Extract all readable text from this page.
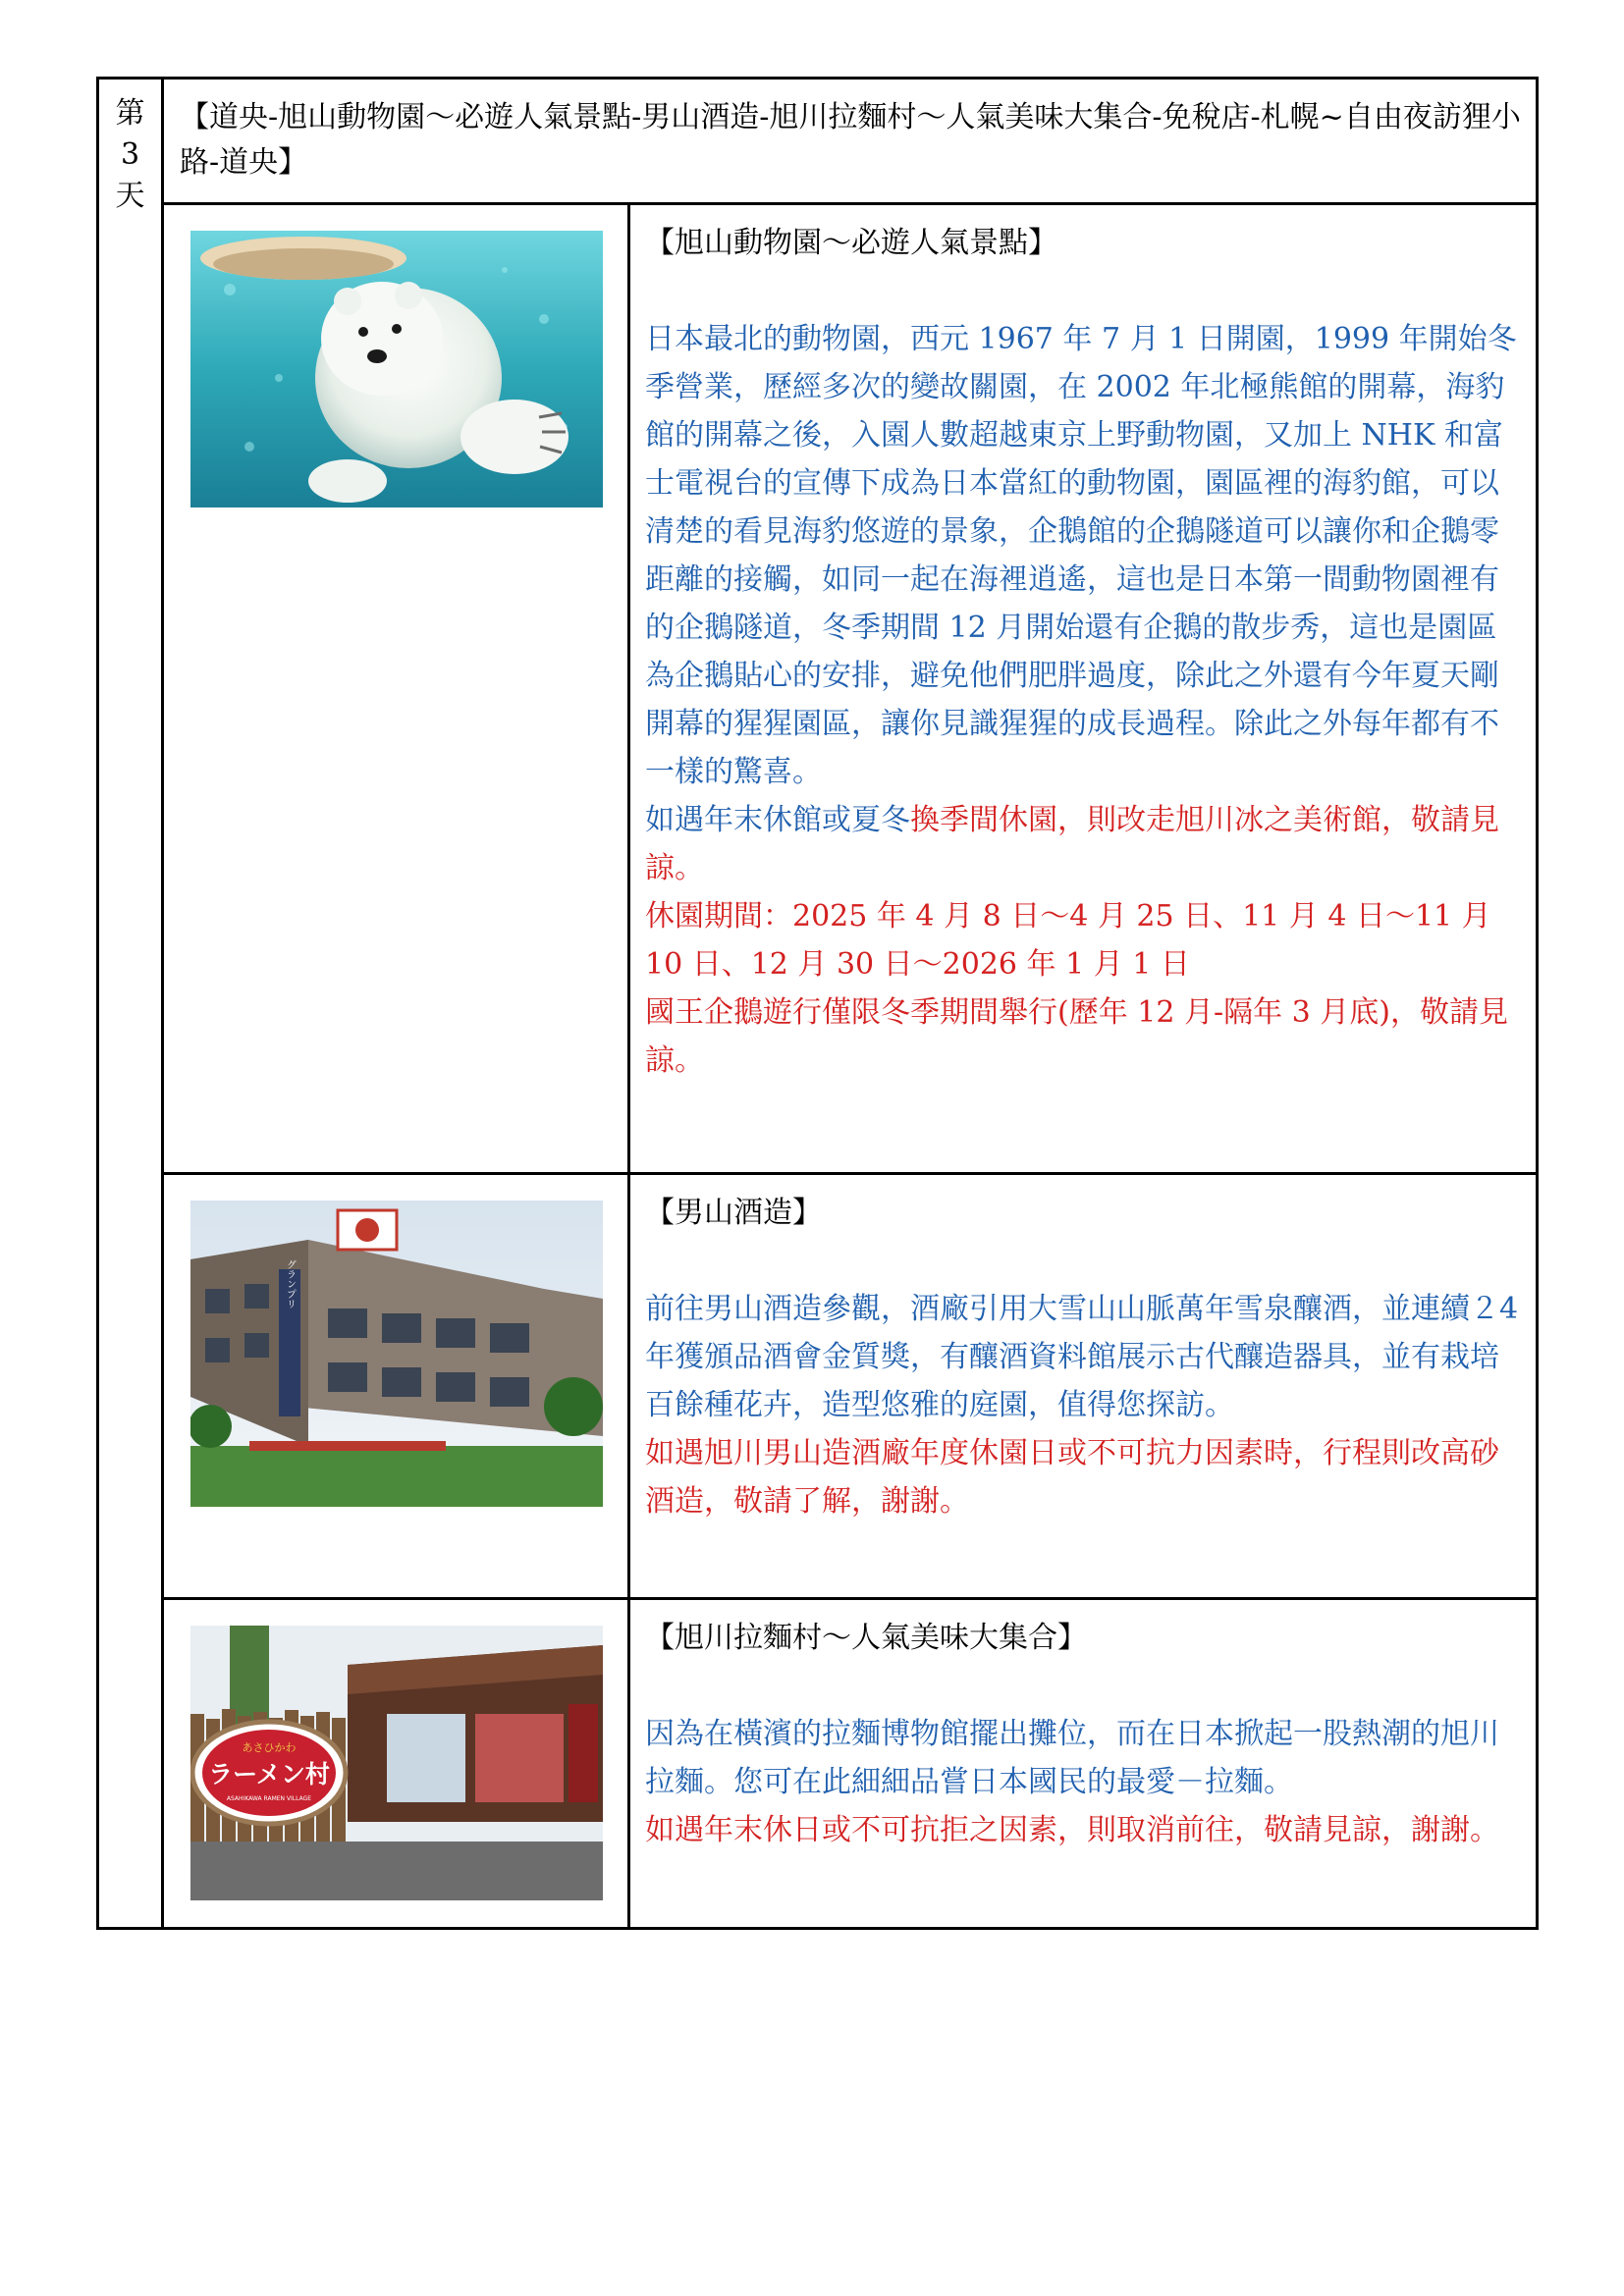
第
3
天
【道央-旭山動物園～必遊人氣景點-男山酒造-旭川拉麵村～人氣美味大集合-免稅店-札幌~自由夜訪狸小路-道央】

【旭山動物園～必遊人氣景點】

日本最北的動物園，西元 1967 年 7 月 1 日開園，1999 年開始冬季營業，歷經多次的變故關園，在 2002 年北極熊館的開幕，海豹館的開幕之後，入園人數超越東京上野動物園，又加上 NHK 和富士電視台的宣傳下成為日本當紅的動物園，園區裡的海豹館，可以清楚的看見海豹悠遊的景象，企鵝館的企鵝隧道可以讓你和企鵝零距離的接觸，如同一起在海裡逍遙，這也是日本第一間動物園裡有的企鵝隧道，冬季期間 12 月開始還有企鵝的散步秀，這也是園區為企鵝貼心的安排，避免他們肥胖過度，除此之外還有今年夏天剛開幕的猩猩園區，讓你見識猩猩的成長過程。除此之外每年都有不一樣的驚喜。

如遇年末休館或夏冬換季間休園，則改走旭川冰之美術館，敬請見諒。

休園期間：2025 年 4 月 8 日～4 月 25 日、11 月 4 日～11 月 10 日、12 月 30 日～2026 年 1 月 1 日

國王企鵝遊行僅限冬季期間舉行(歷年 12 月-隔年 3 月底)，敬請見諒。

グランプリ

【男山酒造】

前往男山酒造參觀，酒廠引用大雪山山脈萬年雪泉釀酒，並連續２4 年獲頒品酒會金質獎，有釀酒資料館展示古代釀造器具，並有栽培百餘種花卉，造型悠雅的庭園，值得您探訪。

如遇旭川男山造酒廠年度休園日或不可抗力因素時，行程則改高砂酒造，敬請了解，謝謝。

あさひかわ
ラーメン村
ASAHIKAWA RAMEN VILLAGE

【旭川拉麵村～人氣美味大集合】

因為在橫濱的拉麵博物館擺出攤位，而在日本掀起一股熱潮的旭川拉麵。您可在此細細品嘗日本國民的最愛－拉麵。

如遇年末休日或不可抗拒之因素，則取消前往，敬請見諒，謝謝。
